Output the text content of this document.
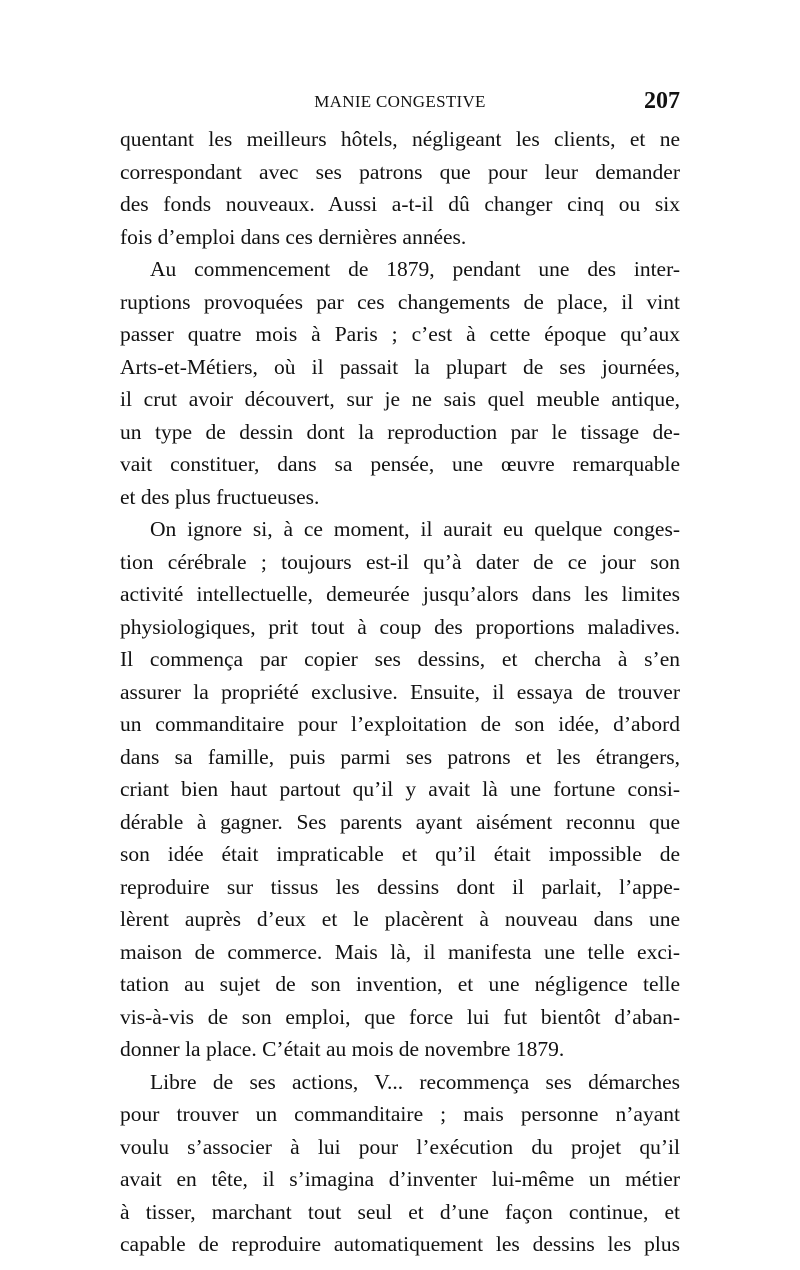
MANIE CONGESTIVE	207
quentant les meilleurs hôtels, négligeant les clients, et ne
correspondant avec ses patrons que pour leur demander
des fonds nouveaux. Aussi a-t-il dû changer cinq ou six
fois d’emploi dans ces dernières années.
Au commencement de 1879, pendant une des inter-
ruptions provoquées par ces changements de place, il vint
passer quatre mois à Paris ; c’est à cette époque qu’aux
Arts-et-Métiers, où il passait la plupart de ses journées,
il crut avoir découvert, sur je ne sais quel meuble antique,
un type de dessin dont la reproduction par le tissage de-
vait constituer, dans sa pensée, une œuvre remarquable
et des plus fructueuses.
On ignore si, à ce moment, il aurait eu quelque conges-
tion cérébrale ; toujours est-il qu’à dater de ce jour son
activité intellectuelle, demeurée jusqu’alors dans les limites
physiologiques, prit tout à coup des proportions maladives.
Il commença par copier ses dessins, et chercha à s’en
assurer la propriété exclusive. Ensuite, il essaya de trouver
un commanditaire pour l’exploitation de son idée, d’abord
dans sa famille, puis parmi ses patrons et les étrangers,
criant bien haut partout qu’il y avait là une fortune consi-
dérable à gagner. Ses parents ayant aisément reconnu que
son idée était impraticable et qu’il était impossible de
reproduire sur tissus les dessins dont il parlait, l’appe-
lèrent auprès d’eux et le placèrent à nouveau dans une
maison de commerce. Mais là, il manifesta une telle exci-
tation au sujet de son invention, et une négligence telle
vis-à-vis de son emploi, que force lui fut bientôt d’aban-
donner la place. C’était au mois de novembre 1879.
Libre de ses actions, V... recommença ses démarches
pour trouver un commanditaire ; mais personne n’ayant
voulu s’associer à lui pour l’exécution du projet qu’il
avait en tête, il s’imagina d’inventer lui-même un métier
à tisser, marchant tout seul et d’une façon continue, et
capable de reproduire automatiquement les dessins les plus
